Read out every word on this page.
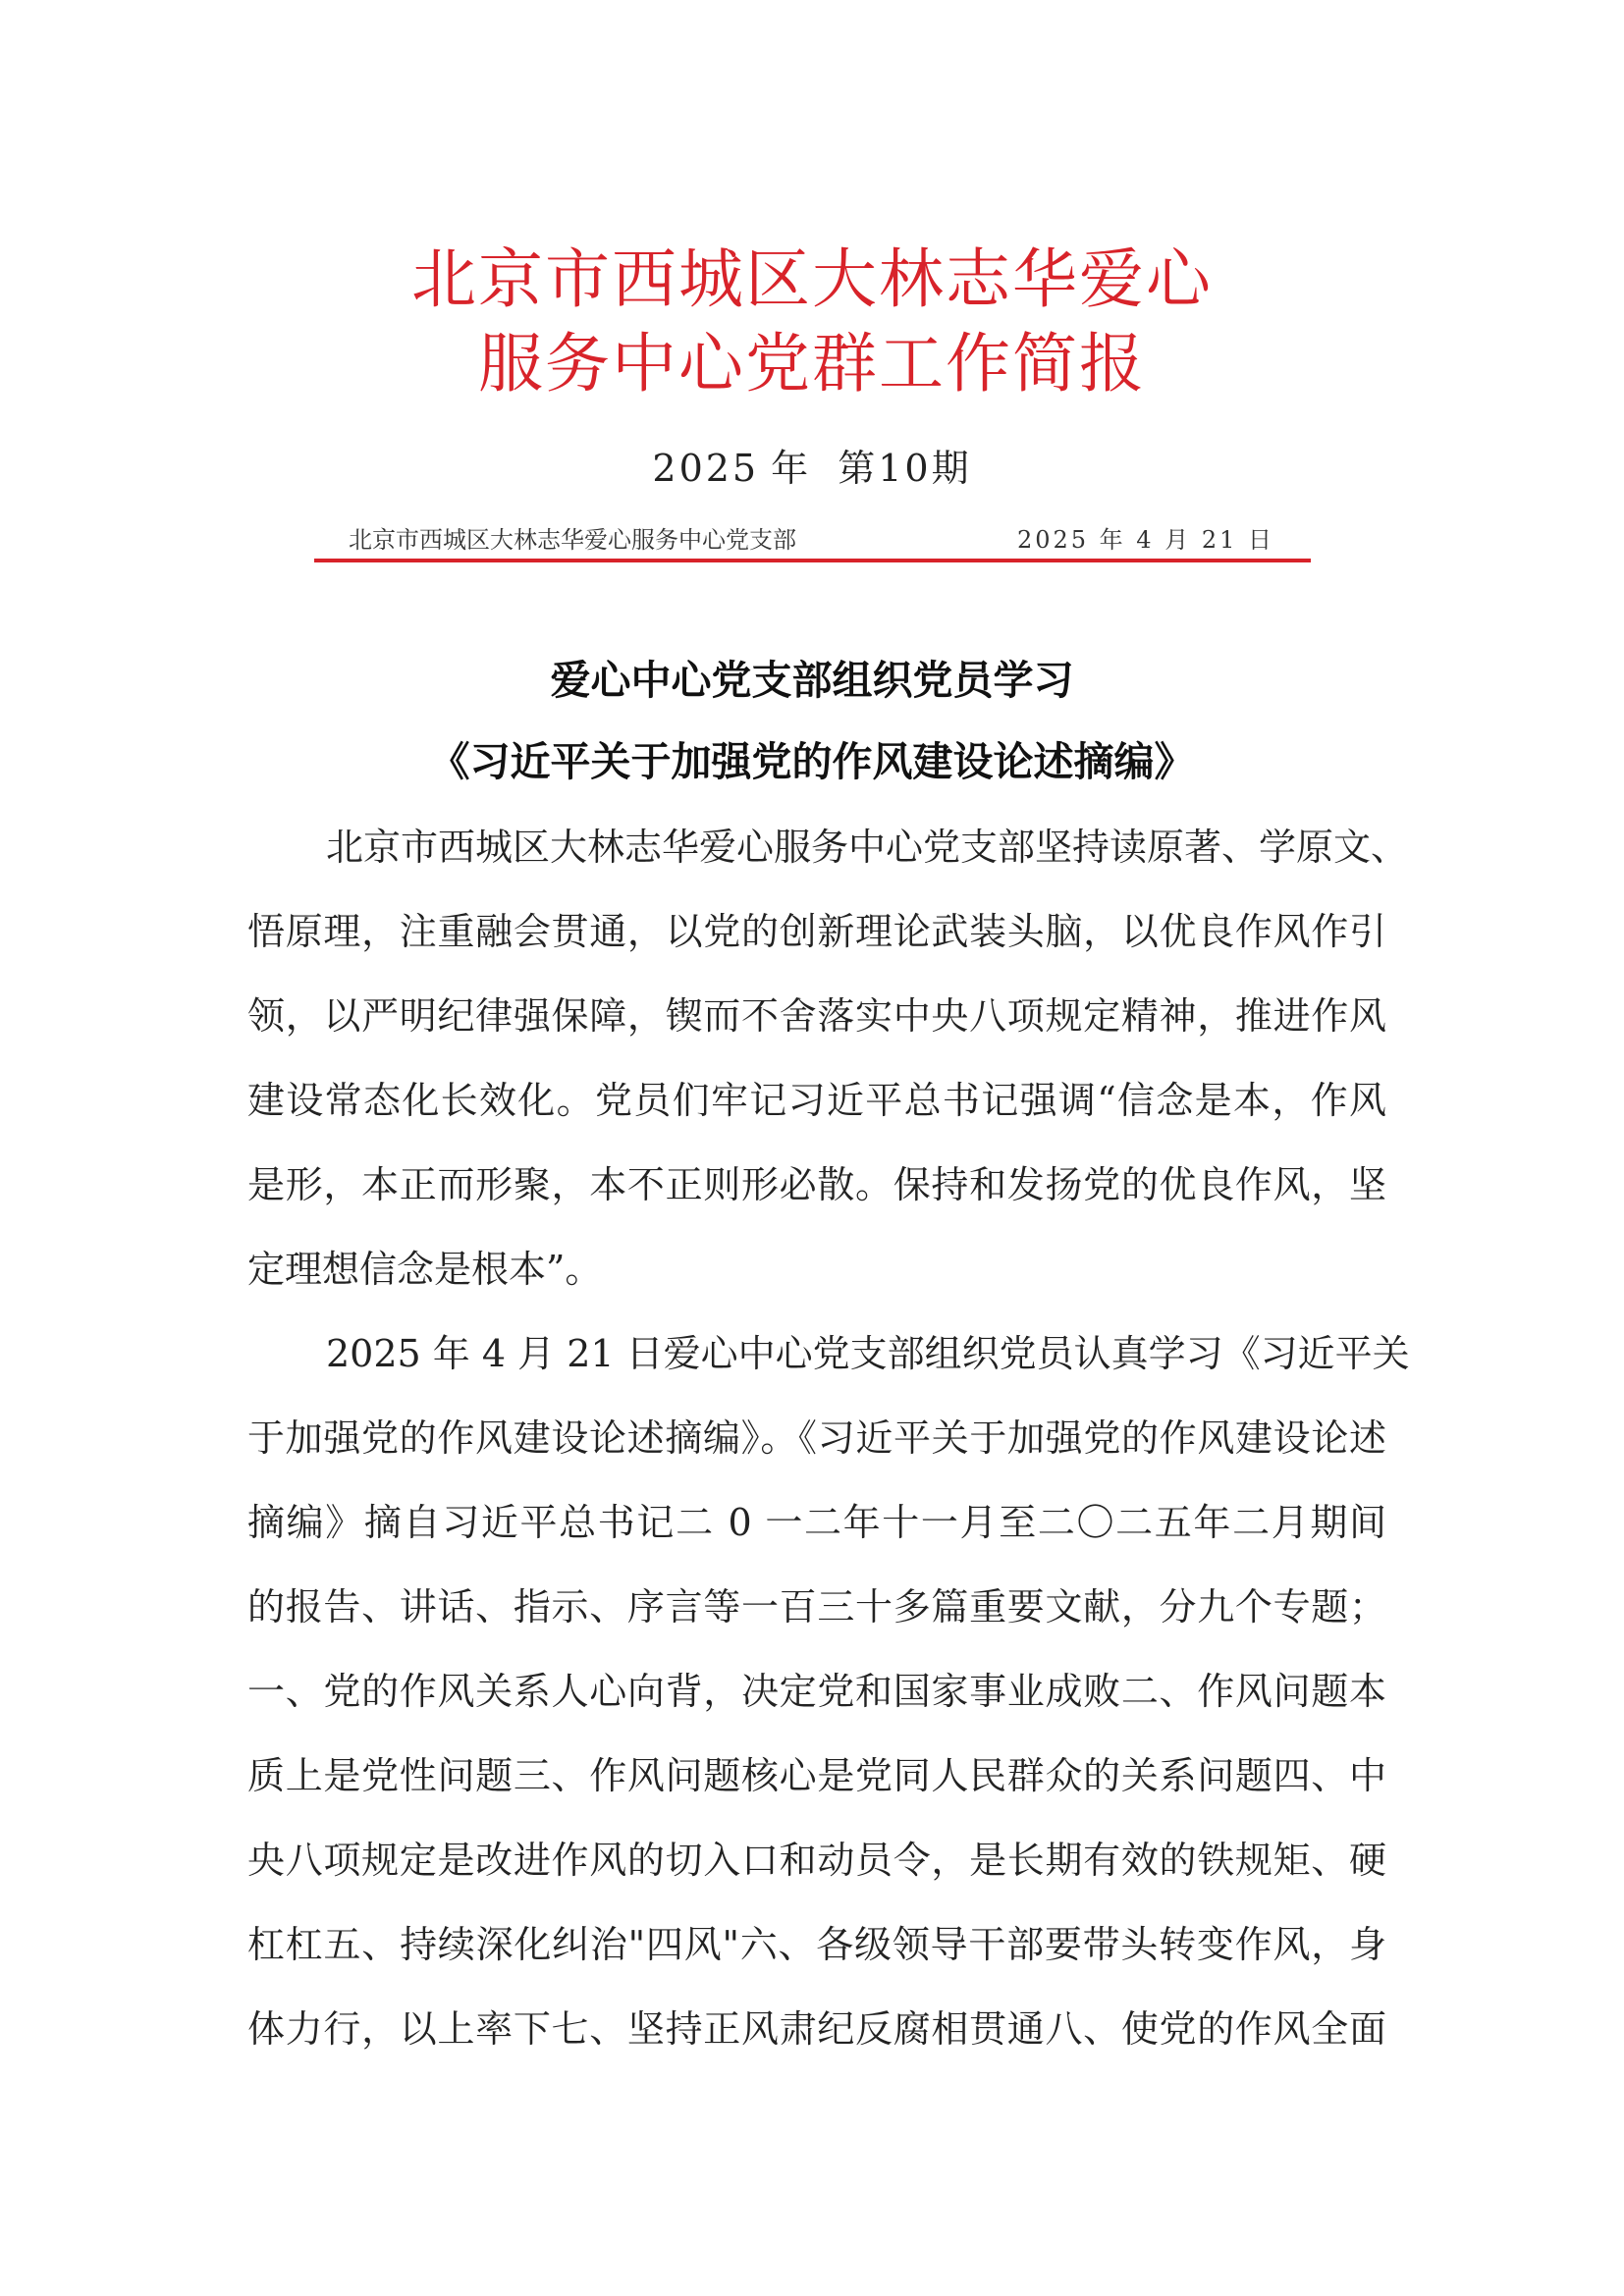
北京市西城区大林志华爱心
服务中心党群工作简报
2025 年 第10期
北京市西城区大林志华爱心服务中心党支部	2025 年 4 月 21 日
爱心中心党支部组织党员学习
《习近平关于加强党的作风建设论述摘编》
北京市西城区大林志华爱心服务中心党支部坚持读原著、学原文、
悟原理，注重融会贯通，以党的创新理论武装头脑，以优良作风作引
领，以严明纪律强保障，锲而不舍落实中央八项规定精神，推进作风
建设常态化长效化。党员们牢记习近平总书记强调“信念是本，作风
是形，本正而形聚，本不正则形必散。保持和发扬党的优良作风，坚
定理想信念是根本”。
2025 年 4 月 21 日爱心中心党支部组织党员认真学习《习近平关
于加强党的作风建设论述摘编》。《习近平关于加强党的作风建设论述
摘编》摘自习近平总书记二 0 一二年十一月至二〇二五年二月期间
的报告、讲话、指示、序言等一百三十多篇重要文献，分九个专题；
一、党的作风关系人心向背，决定党和国家事业成败二、作风问题本
质上是党性问题三、作风问题核心是党同人民群众的关系问题四、中
央八项规定是改进作风的切入口和动员令，是长期有效的铁规矩、硬
杠杠五、持续深化纠治"四风"六、各级领导干部要带头转变作风，身
体力行，以上率下七、坚持正风肃纪反腐相贯通八、使党的作风全面
